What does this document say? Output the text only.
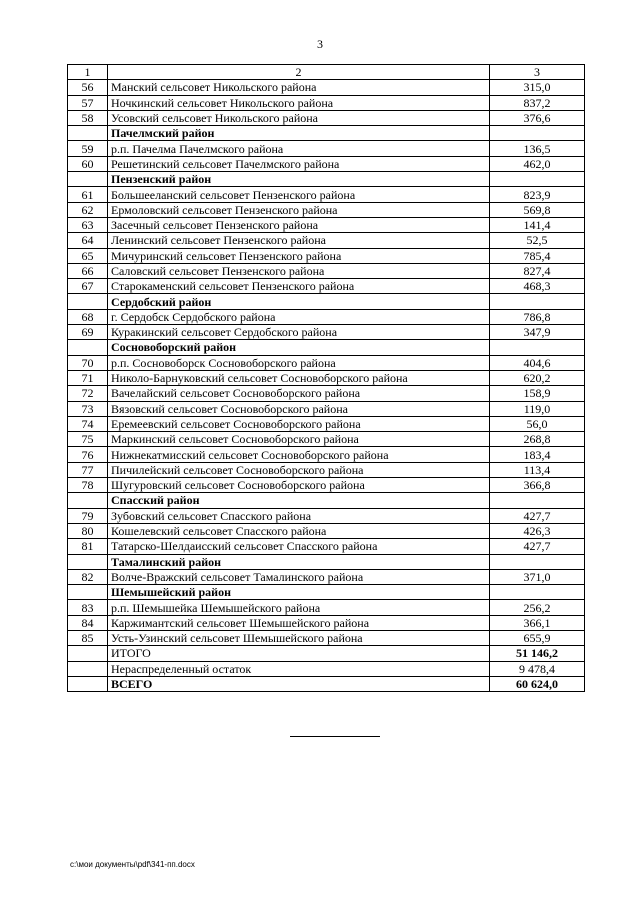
3
1	2	3
56	Манский сельсовет Никольского района	315,0
57	Ночкинский сельсовет Никольского района	837,2
58	Усовский сельсовет Никольского района	376,6
	Пачелмский район	
59	р.п. Пачелма Пачелмского района	136,5
60	Решетинский сельсовет Пачелмского района	462,0
	Пензенский район	
61	Большееланский сельсовет Пензенского района	823,9
62	Ермоловский сельсовет Пензенского района	569,8
63	Засечный сельсовет Пензенского района	141,4
64	Ленинский сельсовет Пензенского района	52,5
65	Мичуринский сельсовет Пензенского района	785,4
66	Саловский сельсовет Пензенского района	827,4
67	Старокаменский сельсовет Пензенского района	468,3
	Сердобский район	
68	г. Сердобск Сердобского района	786,8
69	Куракинский сельсовет Сердобского района	347,9
	Сосновоборский район	
70	р.п. Сосновоборск Сосновоборского района	404,6
71	Николо-Барнуковский сельсовет Сосновоборского района	620,2
72	Вачелайский сельсовет Сосновоборского района	158,9
73	Вязовский сельсовет Сосновоборского района	119,0
74	Еремеевский сельсовет Сосновоборского района	56,0
75	Маркинский сельсовет Сосновоборского района	268,8
76	Нижнекатмисский сельсовет Сосновоборского района	183,4
77	Пичилейский сельсовет Сосновоборского района	113,4
78	Шугуровский сельсовет Сосновоборского района	366,8
	Спасский район	
79	Зубовский сельсовет Спасского района	427,7
80	Кошелевский сельсовет Спасского района	426,3
81	Татарско-Шелдаисский сельсовет Спасского района	427,7
	Тамалинский район	
82	Волче-Вражский сельсовет Тамалинского района	371,0
	Шемышейский район	
83	р.п. Шемышейка Шемышейского района	256,2
84	Каржимантский сельсовет Шемышейского района	366,1
85	Усть-Узинский сельсовет Шемышейского района	655,9
	ИТОГО	51 146,2
	Нераспределенный остаток	9 478,4
	ВСЕГО	60 624,0
c:\мои документы\pdf\341-пп.docx
